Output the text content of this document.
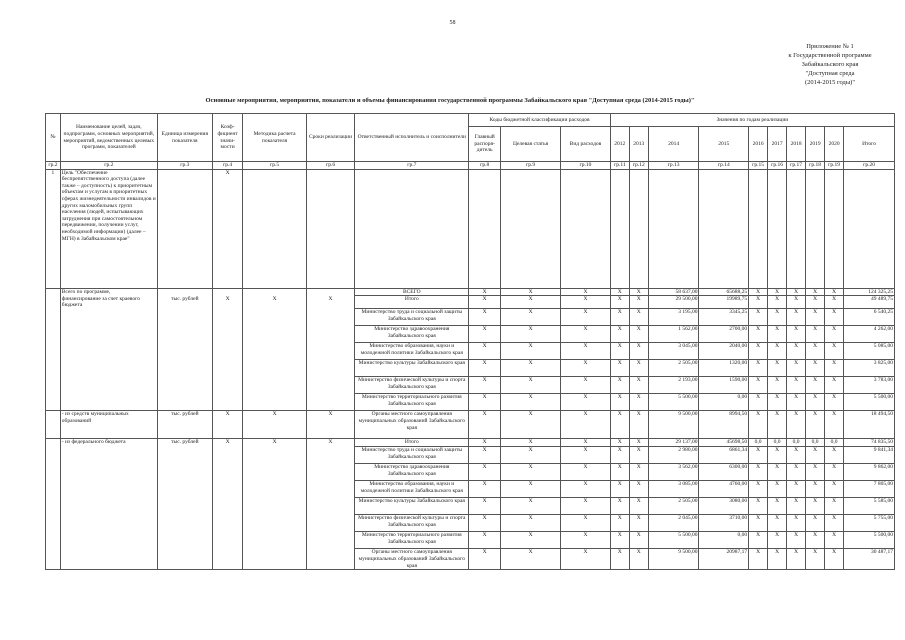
58
Приложение № 1
к Государственной программе
Забайкальского края
"Доступная среда
(2014-2015 годы)"
Основные мероприятия, мероприятия, показатели и объемы финансирования государственной программы Забайкальского края "Доступная среда (2014-2015 годы)"
№	Наименование целей, задач, подпрограмм, основных мероприятий, мероприятий, ведомственных целевых программ, показателей	Единица измерения показателя	Коэф-фициент значи-мости	Методика расчета показателя	Сроки реализации	Ответственный исполнитель и соисполнители	Коды бюджетной классификации расходов			Значения по годам реализации									
							Главный распоря-дитель	Целевая статья	Вид расходов	2012	2013	2014	2015	2016	2017	2018	2019	2020	Итого
гр.2	гр.2	гр.3	гр.4	гр.5	гр.6	гр.7	гр.8	гр.9	гр.10	гр.11	гр.12	гр.13	гр.14	гр.15	гр.16	гр.17	гр.18	гр.19	гр.20
1	Цель "Обеспечение беспрепятственного доступа (далее также – доступность) к приоритетным объектам и услугам в приоритетных сферах жизнедеятельности инвалидов и других маломобильных групп населения (людей, испытывающих затруднения при самостоятельном передвижении, получении услуг, необходимой информации) (далее – МГН) в Забайкальском крае"		X																
	Всего по программе,					ВСЕГО	X	X	X	X	X	58 637,00	65688,25	X	X	X	X	X	124 325,25
	финансирование за счет краевого бюджета	тыс. рублей	X	X	X	Итого	X	X	X	X	X	29 500,00	19989,75	X	X	X	X	X	49 489,75
						Министерство труда и социальной защиты Забайкальского края	X	X	X	X	X	3 195,00	3345,25	X	X	X	X	X	6 540,25
						Министерство здравоохранения Забайкальского края	X	X	X	X	X	1 562,00	2700,00	X	X	X	X	X	4 262,00
						Министерство образования, науки и молодежной политики Забайкальского края	X	X	X	X	X	3 045,00	2040,00	X	X	X	X	X	5 085,00
						Министерство культуры Забайкальского края	X	X	X	X	X	2 505,00	1320,00	X	X	X	X	X	3 825,00
						Министерство физической культуры и спорта Забайкальского края	X	X	X	X	X	2 193,00	1590,00	X	X	X	X	X	3 783,00
						Министерство территориального развития Забайкальского края	X	X	X	X	X	5 500,00	0,00	X	X	X	X	X	5 500,00
	- из средств муниципальных образований	тыс. рублей	X	X	X	Органы местного самоуправления муниципальных образований Забайкальского края	X	X	X	X	X	9 500,00	8994,50	X	X	X	X	X	18 494,50
	- из федерального бюджета	тыс. рублей	X	X	X	Итого	X	X	X	X	X	29 137,00	45698,50	0,0	0,0	0,0	0,0	0,0	74 835,50
						Министерство труда и социальной защиты Забайкальского края	X	X	X	X	X	2 980,00	6861,34	X	X	X	X	X	9 841,34
						Министерство здравоохранения Забайкальского края	X	X	X	X	X	3 562,00	6300,00	X	X	X	X	X	9 862,00
						Министерство образования, науки и молодежной политики Забайкальского края	X	X	X	X	X	3 085,00	4760,00	X	X	X	X	X	7 805,00
						Министерство культуры Забайкальского края	X	X	X	X	X	2 505,00	3080,00	X	X	X	X	X	5 585,00
						Министерство физической культуры и спорта Забайкальского края	X	X	X	X	X	2 045,00	3710,00	X	X	X	X	X	5 755,00
						Министерство территориального развития Забайкальского края	X	X	X	X	X	5 500,00	0,00	X	X	X	X	X	5 500,00
						Органы местного самоуправления муниципальных образований Забайкальского края	X	X	X	X	X	9 500,00	20987,17	X	X	X	X	X	30 487,17
